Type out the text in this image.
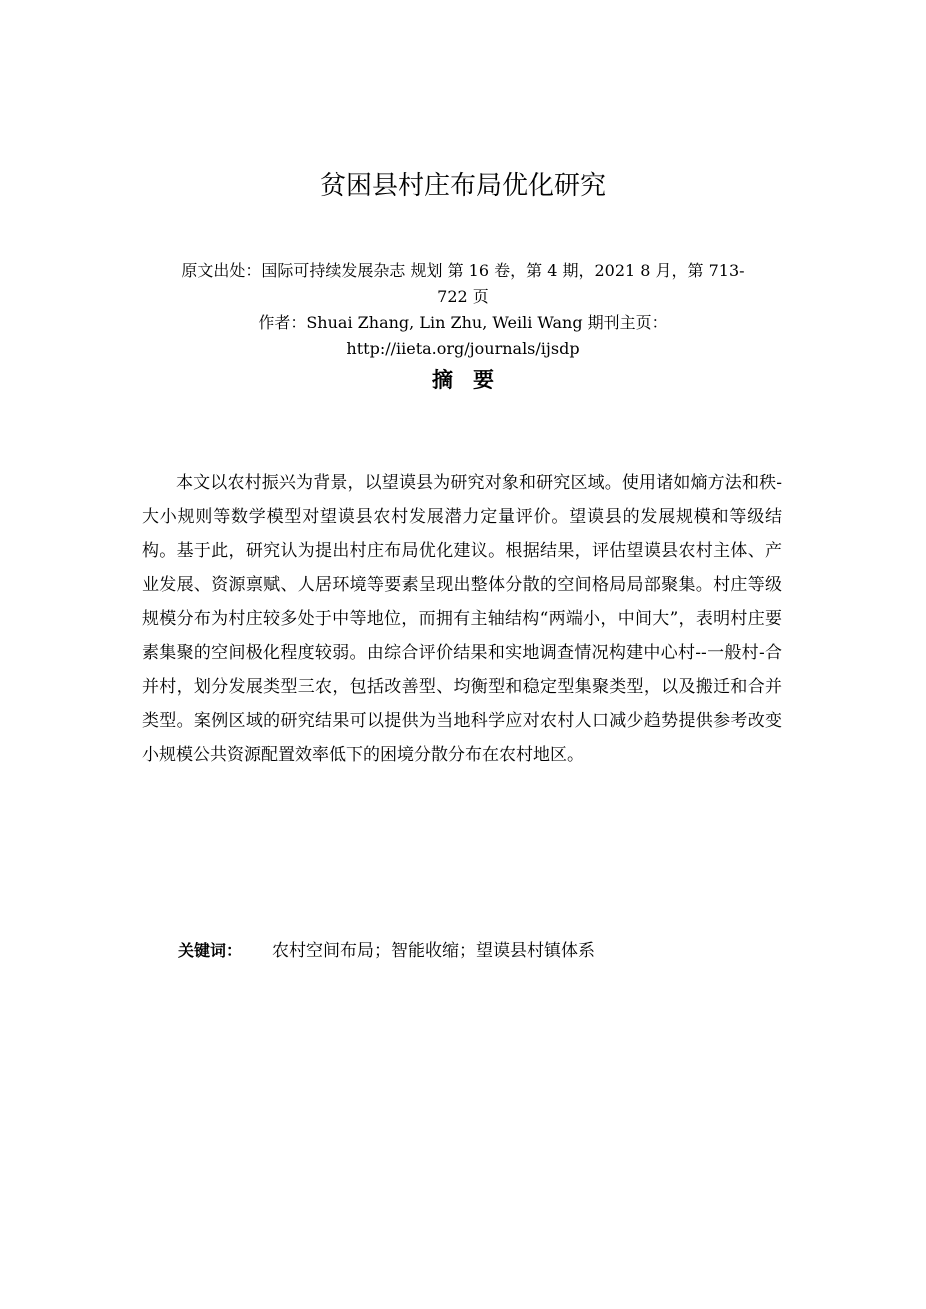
贫困县村庄布局优化研究

原文出处：国际可持续发展杂志 规划 第 16 卷，第 4 期，2021 8 月，第 713-722 页

作者：Shuai Zhang, Lin Zhu, Weili Wang 期刊主页：http://iieta.org/journals/ijsdp

摘要

本文以农村振兴为背景，以望谟县为研究对象和研究区域。使用诸如熵方法和秩-大小规则等数学模型对望谟县农村发展潜力定量评价。望谟县的发展规模和等级结构。基于此，研究认为提出村庄布局优化建议。根据结果，评估望谟县农村主体、产业发展、资源禀赋、人居环境等要素呈现出整体分散的空间格局局部聚集。村庄等级规模分布为村庄较多处于中等地位，而拥有主轴结构“两端小，中间大”，表明村庄要素集聚的空间极化程度较弱。由综合评价结果和实地调查情况构建中心村--一般村-合并村，划分发展类型三农，包括改善型、均衡型和稳定型集聚类型，以及搬迁和合并类型。案例区域的研究结果可以提供为当地科学应对农村人口减少趋势提供参考改变小规模公共资源配置效率低下的困境分散分布在农村地区。

关键词： 农村空间布局；智能收缩；望谟县村镇体系
